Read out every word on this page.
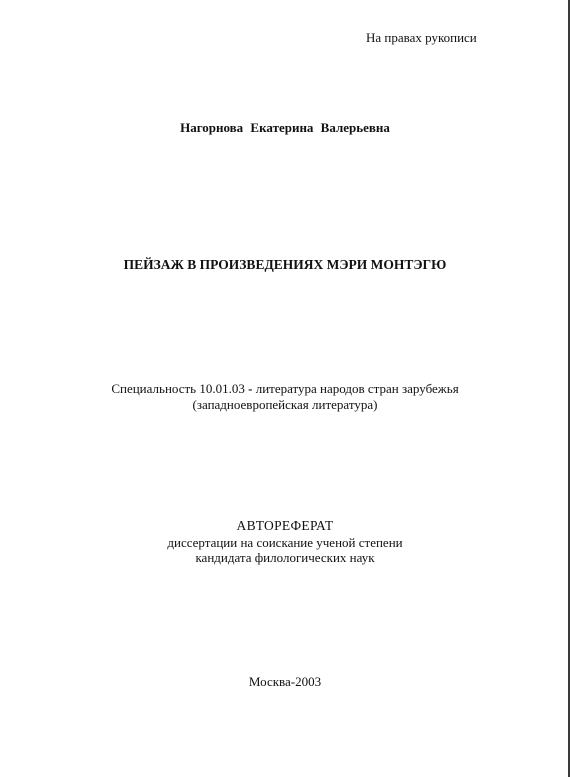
На правах рукописи
Нагорнова Екатерина Валерьевна
ПЕЙЗАЖ В ПРОИЗВЕДЕНИЯХ МЭРИ МОНТЭГЮ
Специальность 10.01.03 - литература народов стран зарубежья
(западноевропейская литература)
АВТОРЕФЕРАТ
диссертации на соискание ученой степени
кандидата филологических наук
Москва-2003
